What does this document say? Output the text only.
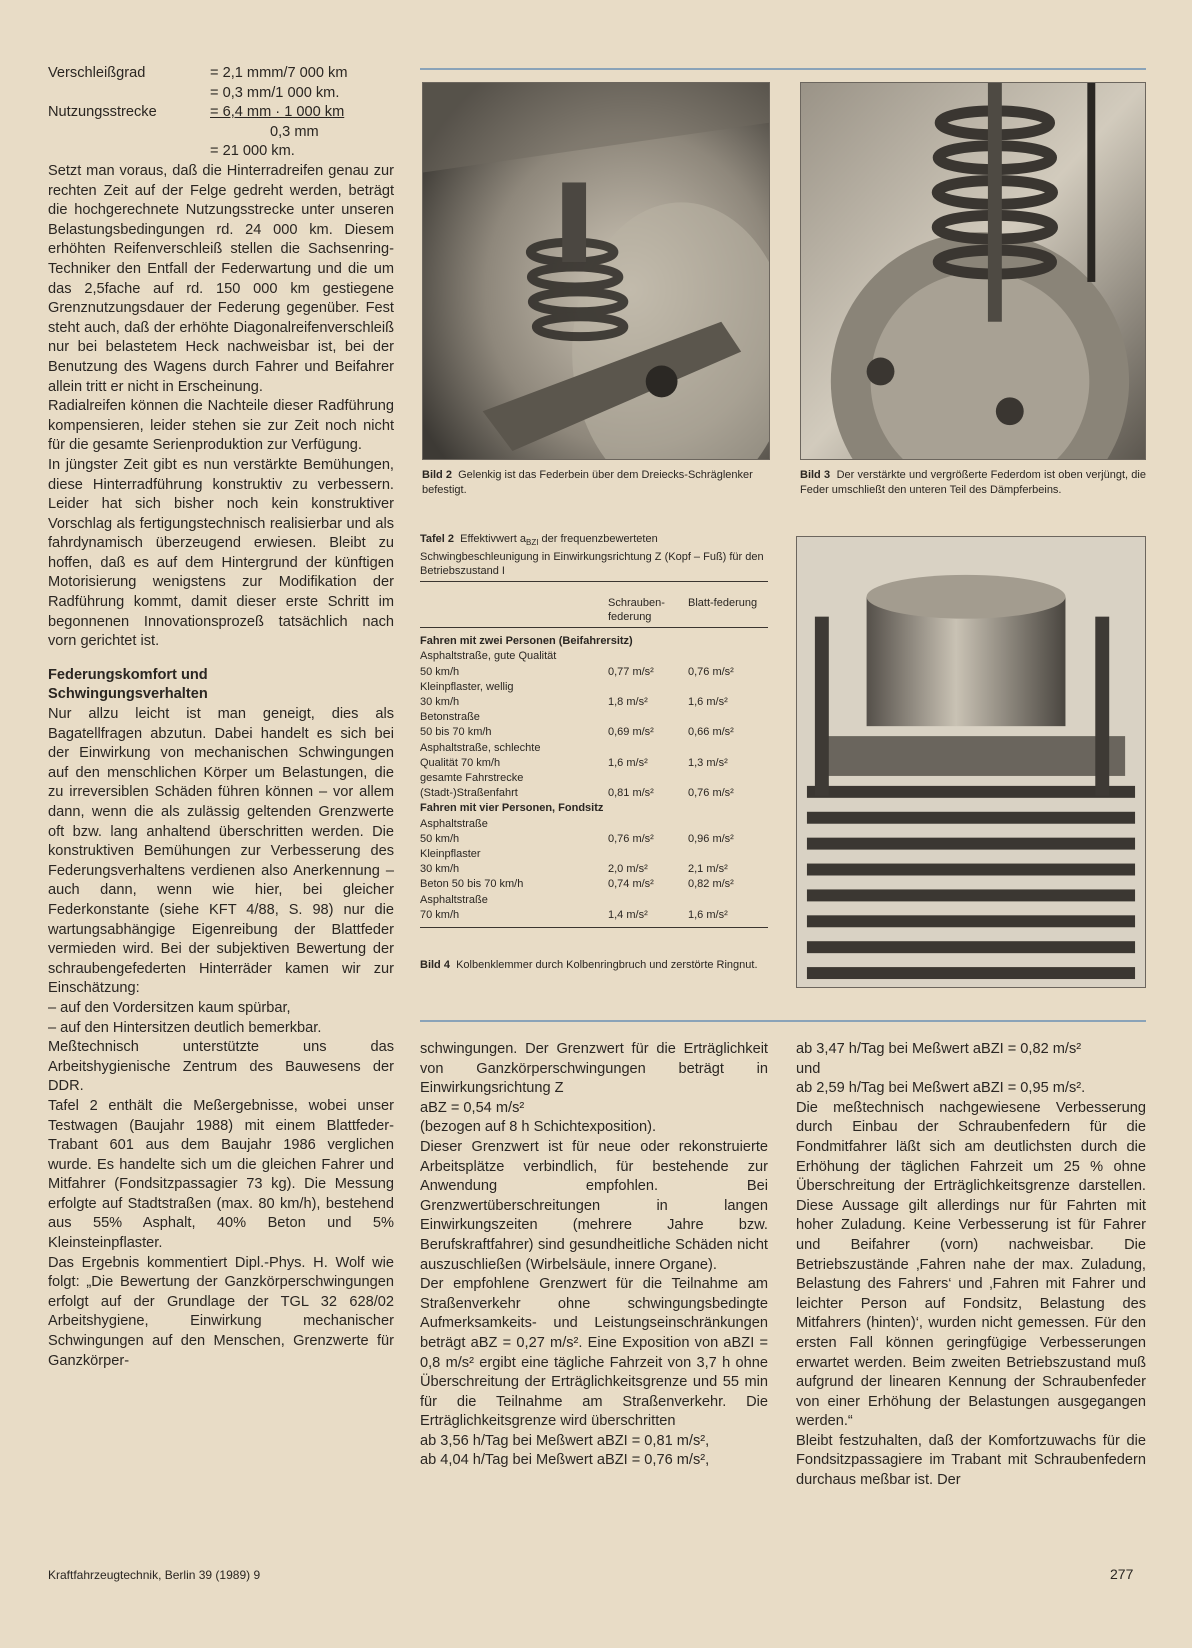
Verschleißgrad	= 2,1 mmm/7 000 km
= 0,3 mm/1 000 km.
Nutzungsstrecke	= 6,4 mm · 1 000 km
0,3 mm
= 21 000 km.

Setzt man voraus, daß die Hinterradreifen genau zur rechten Zeit auf der Felge gedreht werden, beträgt die hochgerechnete Nutzungsstrecke unter unseren Belastungsbedingungen rd. 24 000 km. Diesem erhöhten Reifenverschleiß stellen die Sachsenring-Techniker den Entfall der Federwartung und die um das 2,5fache auf rd. 150 000 km gestiegene Grenznutzungsdauer der Federung gegenüber. Fest steht auch, daß der erhöhte Diagonalreifenverschleiß nur bei belastetem Heck nachweisbar ist, bei der Benutzung des Wagens durch Fahrer und Beifahrer allein tritt er nicht in Erscheinung.

Radialreifen können die Nachteile dieser Radführung kompensieren, leider stehen sie zur Zeit noch nicht für die gesamte Serienproduktion zur Verfügung.

In jüngster Zeit gibt es nun verstärkte Bemühungen, diese Hinterradführung konstruktiv zu verbessern. Leider hat sich bisher noch kein konstruktiver Vorschlag als fertigungstechnisch realisierbar und als fahrdynamisch überzeugend erwiesen. Bleibt zu hoffen, daß es auf dem Hintergrund der künftigen Motorisierung wenigstens zur Modifikation der Radführung kommt, damit dieser erste Schritt im begonnenen Innovationsprozeß tatsächlich nach vorn gerichtet ist.

Federungskomfort und
Schwingungsverhalten

Nur allzu leicht ist man geneigt, dies als Bagatellfragen abzutun. Dabei handelt es sich bei der Einwirkung von mechanischen Schwingungen auf den menschlichen Körper um Belastungen, die zu irreversiblen Schäden führen können – vor allem dann, wenn die als zulässig geltenden Grenzwerte oft bzw. lang anhaltend überschritten werden. Die konstruktiven Bemühungen zur Verbesserung des Federungsverhaltens verdienen also Anerkennung – auch dann, wenn wie hier, bei gleicher Federkonstante (siehe KFT 4/88, S. 98) nur die wartungsabhängige Eigenreibung der Blattfeder vermieden wird. Bei der subjektiven Bewertung der schraubengefederten Hinterräder kamen wir zur Einschätzung:

– auf den Vordersitzen kaum spürbar,

– auf den Hintersitzen deutlich bemerkbar.

Meßtechnisch unterstützte uns das Arbeitshygienische Zentrum des Bauwesens der DDR.

Tafel 2 enthält die Meßergebnisse, wobei unser Testwagen (Baujahr 1988) mit einem Blattfeder-Trabant 601 aus dem Baujahr 1986 verglichen wurde. Es handelte sich um die gleichen Fahrer und Mitfahrer (Fondsitzpassagier 73 kg). Die Messung erfolgte auf Stadtstraßen (max. 80 km/h), bestehend aus 55% Asphalt, 40% Beton und 5% Kleinsteinpflaster.

Das Ergebnis kommentiert Dipl.-Phys. H. Wolf wie folgt: „Die Bewertung der Ganzkörperschwingungen erfolgt auf der Grundlage der TGL 32 628/02 Arbeitshygiene, Einwirkung mechanischer Schwingungen auf den Menschen, Grenzwerte für Ganzkörper-

Bild 2 Gelenkig ist das Federbein über dem Dreiecks-Schräglenker befestigt.
Bild 3 Der verstärkte und vergrößerte Federdom ist oben verjüngt, die Feder umschließt den unteren Teil des Dämpferbeins.
Tafel 2 Effektivwert $a_{BZI}$ der frequenzbewerteten Schwingbeschleunigung in Einwirkungsrichtung Z (Kopf – Fuß) für den Betriebszustand I
Schrauben-federung
Blatt-federung
Fahren mit zwei Personen (Beifahrersitz)
Asphaltstraße, gute Qualität
50 km/h	0,77 m/s²	0,76 m/s²
Kleinpflaster, wellig
30 km/h	1,8 m/s²	1,6 m/s²
Betonstraße
50 bis 70 km/h	0,69 m/s²	0,66 m/s²
Asphaltstraße, schlechte
Qualität 70 km/h	1,6 m/s²	1,3 m/s²
gesamte Fahrstrecke
(Stadt-)Straßenfahrt	0,81 m/s²	0,76 m/s²
Fahren mit vier Personen, Fondsitz
Asphaltstraße
50 km/h	0,76 m/s²	0,96 m/s²
Kleinpflaster
30 km/h	2,0 m/s²	2,1 m/s²
Beton 50 bis 70 km/h	0,74 m/s²	0,82 m/s²
Asphaltstraße
70 km/h	1,4 m/s²	1,6 m/s²
Bild 4 Kolbenklemmer durch Kolbenringbruch und zerstörte Ringnut.

schwingungen. Der Grenzwert für die Erträglichkeit von Ganzkörperschwingungen beträgt in Einwirkungsrichtung Z

aBZ = 0,54 m/s²

(bezogen auf 8 h Schichtexposition).

Dieser Grenzwert ist für neue oder rekonstruierte Arbeitsplätze verbindlich, für bestehende zur Anwendung empfohlen. Bei Grenzwertüberschreitungen in langen Einwirkungszeiten (mehrere Jahre bzw. Berufskraftfahrer) sind gesundheitliche Schäden nicht auszuschließen (Wirbelsäule, innere Organe).

Der empfohlene Grenzwert für die Teilnahme am Straßenverkehr ohne schwingungsbedingte Aufmerksamkeits- und Leistungseinschränkungen beträgt aBZ = 0,27 m/s². Eine Exposition von aBZI = 0,8 m/s² ergibt eine tägliche Fahrzeit von 3,7 h ohne Überschreitung der Erträglichkeitsgrenze und 55 min für die Teilnahme am Straßenverkehr. Die Erträglichkeitsgrenze wird überschritten

ab 3,56 h/Tag bei Meßwert aBZI = 0,81 m/s²,

ab 4,04 h/Tag bei Meßwert aBZI = 0,76 m/s²,

ab 3,47 h/Tag bei Meßwert aBZI = 0,82 m/s²

und

ab 2,59 h/Tag bei Meßwert aBZI = 0,95 m/s².

Die meßtechnisch nachgewiesene Verbesserung durch Einbau der Schraubenfedern für die Fondmitfahrer läßt sich am deutlichsten durch die Erhöhung der täglichen Fahrzeit um 25 % ohne Überschreitung der Erträglichkeitsgrenze darstellen. Diese Aussage gilt allerdings nur für Fahrten mit hoher Zuladung. Keine Verbesserung ist für Fahrer und Beifahrer (vorn) nachweisbar. Die Betriebszustände ‚Fahren nahe der max. Zuladung, Belastung des Fahrers‘ und ‚Fahren mit Fahrer und leichter Person auf Fondsitz, Belastung des Mitfahrers (hinten)‘, wurden nicht gemessen. Für den ersten Fall können geringfügige Verbesserungen erwartet werden. Beim zweiten Betriebszustand muß aufgrund der linearen Kennung der Schraubenfeder von einer Erhöhung der Belastungen ausgegangen werden.“

Bleibt festzuhalten, daß der Komfortzuwachs für die Fondsitzpassagiere im Trabant mit Schraubenfedern durchaus meßbar ist. Der

Kraftfahrzeugtechnik, Berlin 39 (1989) 9	277
